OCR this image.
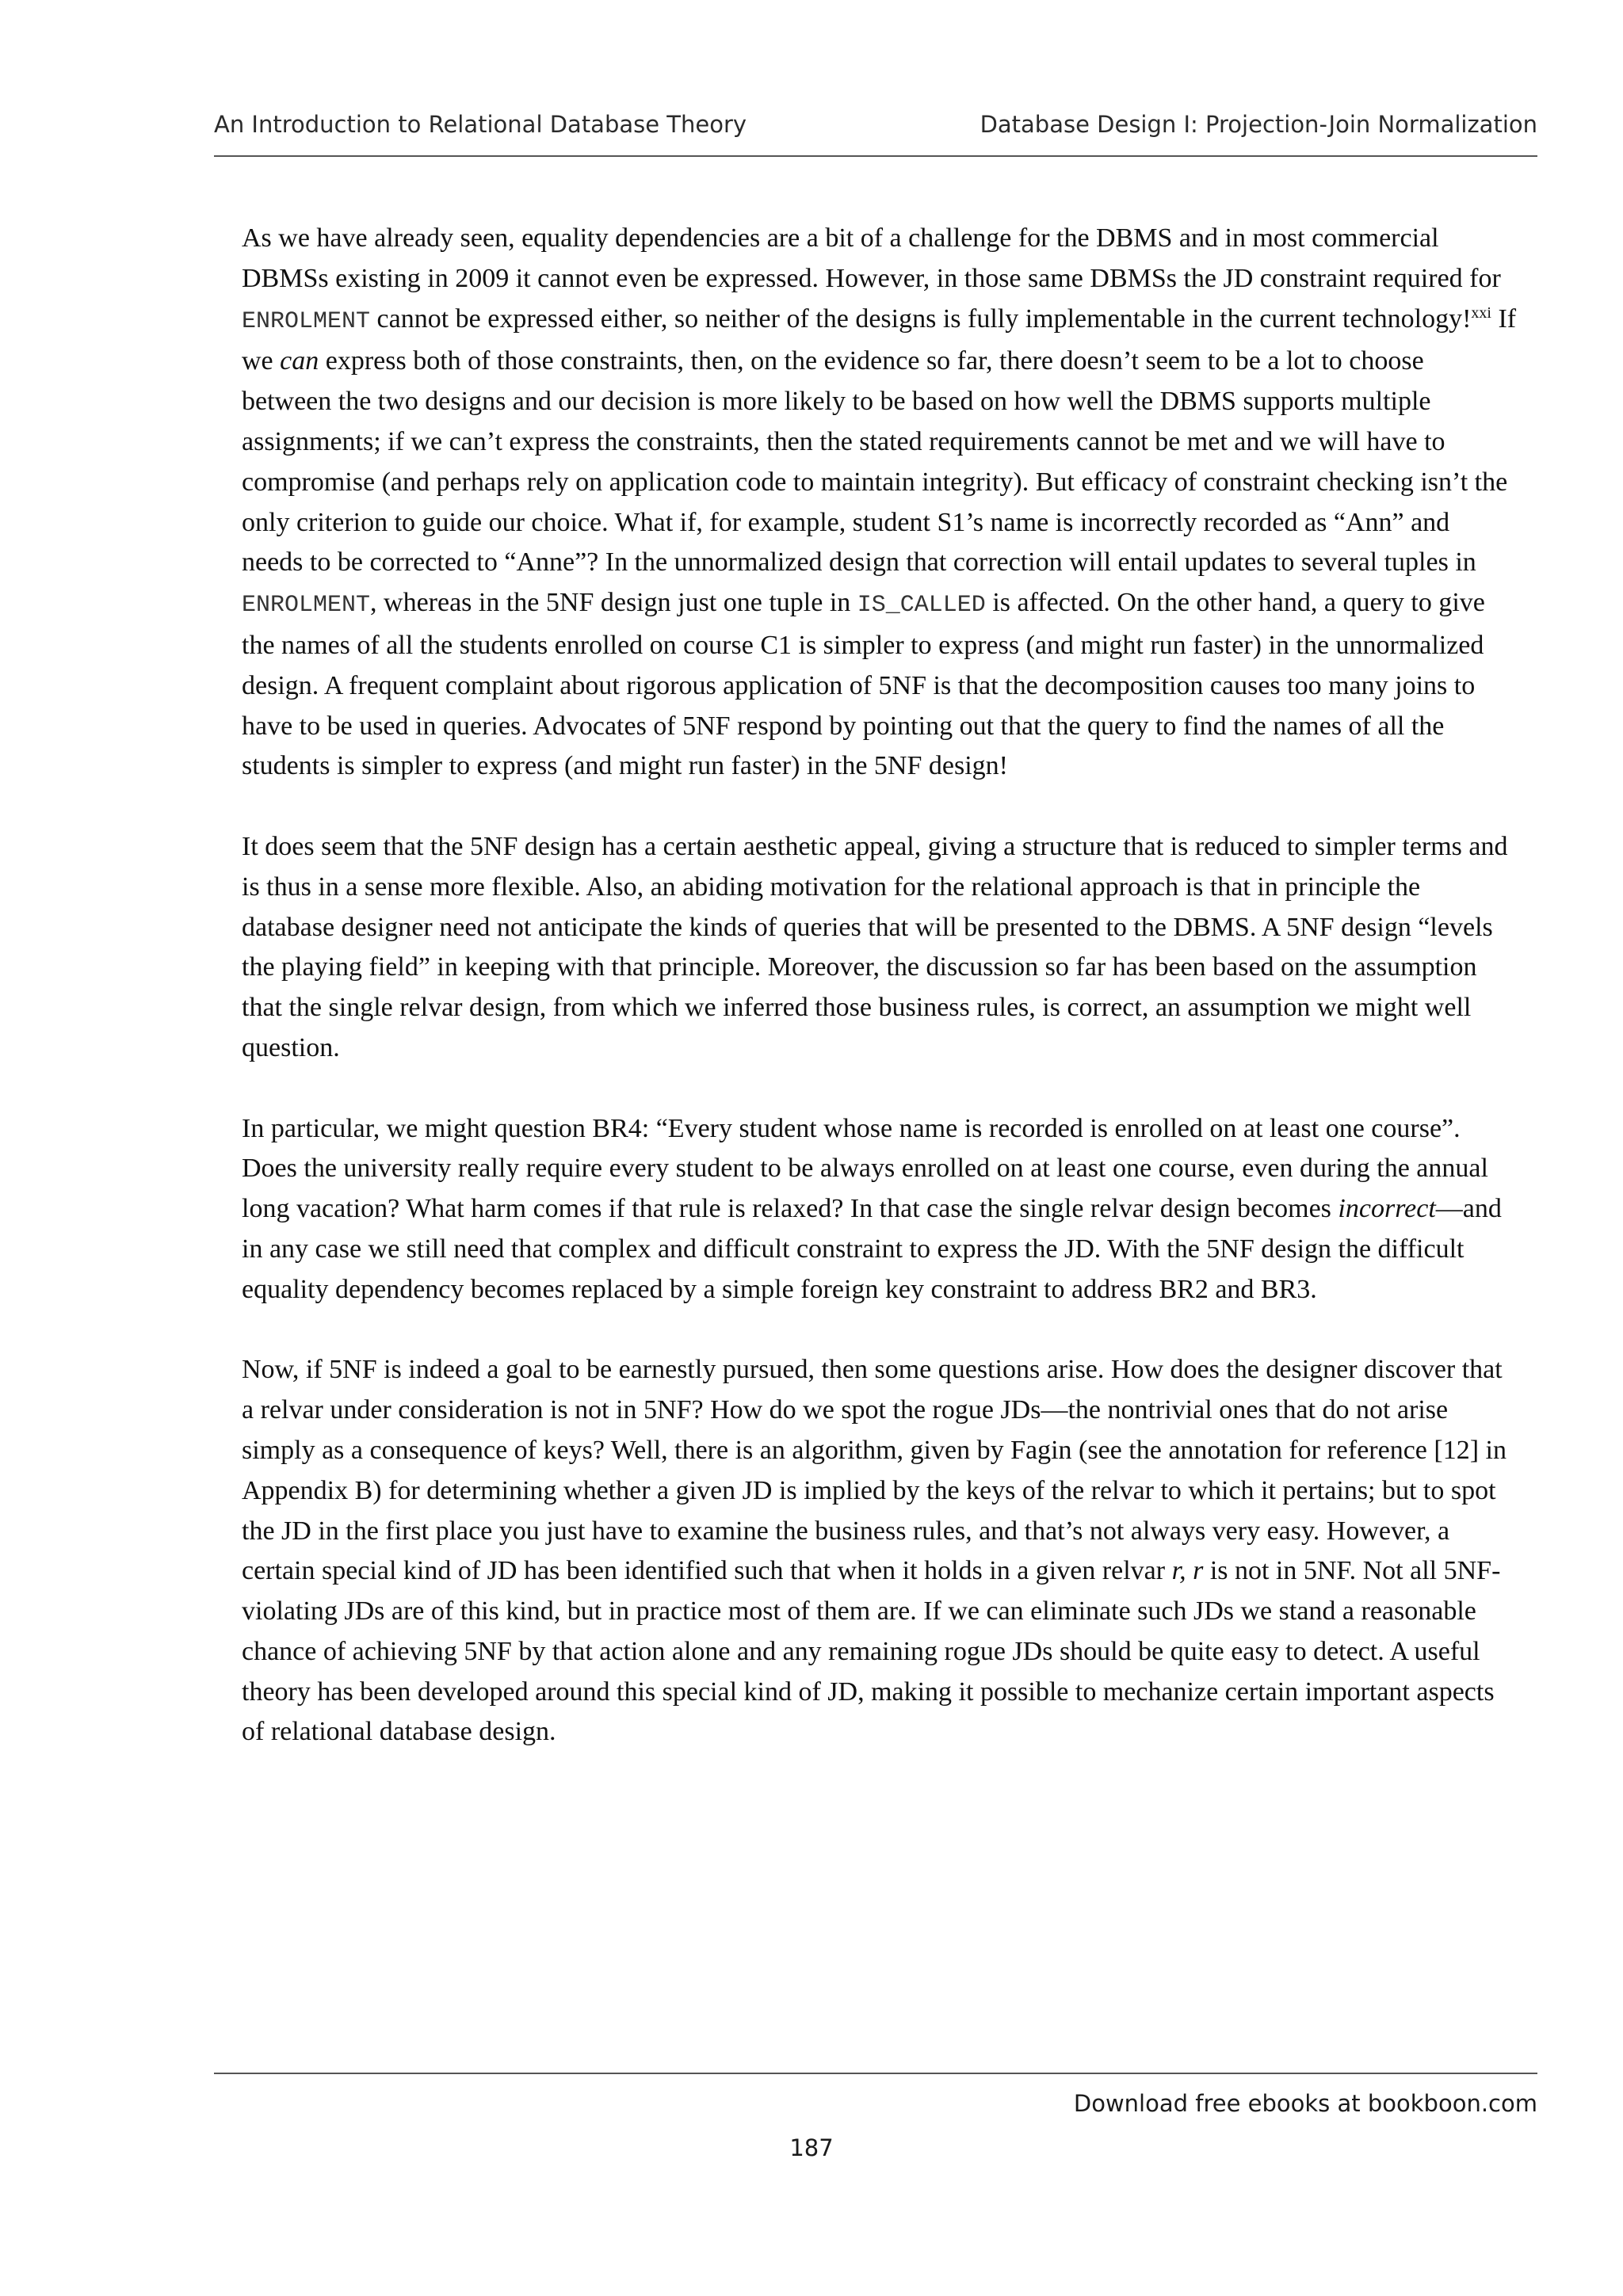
An Introduction to Relational Database Theory	Database Design I: Projection-Join Normalization

As we have already seen, equality dependencies are a bit of a challenge for the DBMS and in most commercial DBMSs existing in 2009 it cannot even be expressed. However, in those same DBMSs the JD constraint required for ENROLMENT cannot be expressed either, so neither of the designs is fully implementable in the current technology!$^{xxi}$ If we can express both of those constraints, then, on the evidence so far, there doesn’t seem to be a lot to choose between the two designs and our decision is more likely to be based on how well the DBMS supports multiple assignments; if we can’t express the constraints, then the stated requirements cannot be met and we will have to compromise (and perhaps rely on application code to maintain integrity). But efficacy of constraint checking isn’t the only criterion to guide our choice. What if, for example, student S1’s name is incorrectly recorded as “Ann” and needs to be corrected to “Anne”? In the unnormalized design that correction will entail updates to several tuples in ENROLMENT, whereas in the 5NF design just one tuple in IS_CALLED is affected. On the other hand, a query to give the names of all the students enrolled on course C1 is simpler to express (and might run faster) in the unnormalized design. A frequent complaint about rigorous application of 5NF is that the decomposition causes too many joins to have to be used in queries. Advocates of 5NF respond by pointing out that the query to find the names of all the students is simpler to express (and might run faster) in the 5NF design!

It does seem that the 5NF design has a certain aesthetic appeal, giving a structure that is reduced to simpler terms and is thus in a sense more flexible. Also, an abiding motivation for the relational approach is that in principle the database designer need not anticipate the kinds of queries that will be presented to the DBMS. A 5NF design “levels the playing field” in keeping with that principle. Moreover, the discussion so far has been based on the assumption that the single relvar design, from which we inferred those business rules, is correct, an assumption we might well question.

In particular, we might question BR4: “Every student whose name is recorded is enrolled on at least one course”. Does the university really require every student to be always enrolled on at least one course, even during the annual long vacation? What harm comes if that rule is relaxed? In that case the single relvar design becomes incorrect—and in any case we still need that complex and difficult constraint to express the JD. With the 5NF design the difficult equality dependency becomes replaced by a simple foreign key constraint to address BR2 and BR3.

Now, if 5NF is indeed a goal to be earnestly pursued, then some questions arise. How does the designer discover that a relvar under consideration is not in 5NF? How do we spot the rogue JDs—the nontrivial ones that do not arise simply as a consequence of keys? Well, there is an algorithm, given by Fagin (see the annotation for reference [12] in Appendix B) for determining whether a given JD is implied by the keys of the relvar to which it pertains; but to spot the JD in the first place you just have to examine the business rules, and that’s not always very easy. However, a certain special kind of JD has been identified such that when it holds in a given relvar r, r is not in 5NF. Not all 5NF-violating JDs are of this kind, but in practice most of them are. If we can eliminate such JDs we stand a reasonable chance of achieving 5NF by that action alone and any remaining rogue JDs should be quite easy to detect. A useful theory has been developed around this special kind of JD, making it possible to mechanize certain important aspects of relational database design.

Download free ebooks at bookboon.com
187
